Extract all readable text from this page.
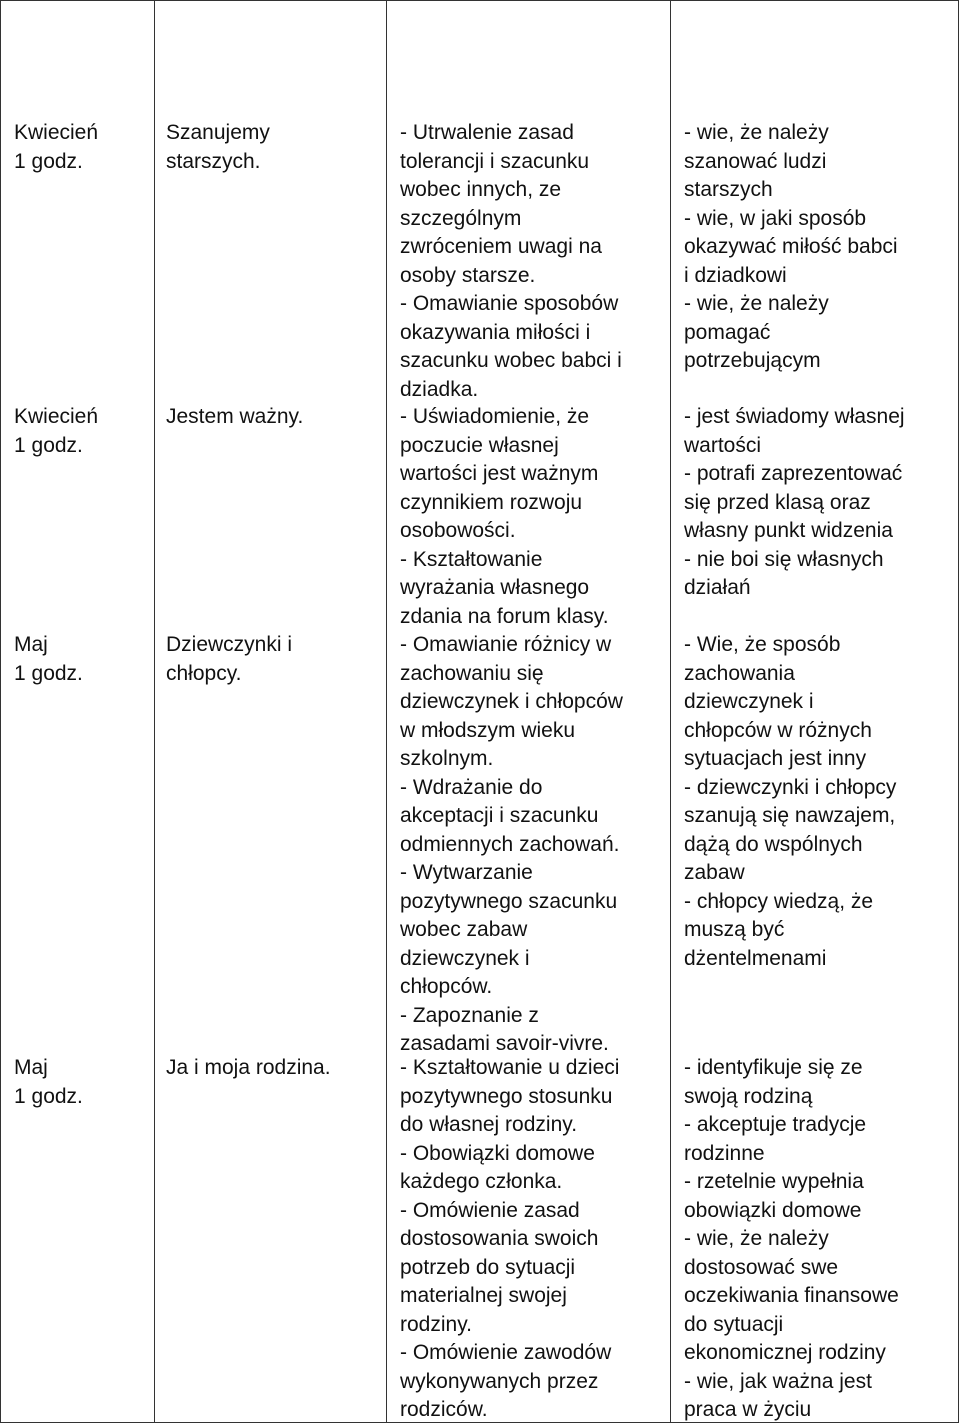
Kwiecień
1 godz.
Szanujemy
starszych.
- Utrwalenie zasad
tolerancji i szacunku
wobec innych, ze
szczególnym
zwróceniem uwagi na
osoby starsze.
- Omawianie sposobów
okazywania miłości i
szacunku wobec babci i
dziadka.
- wie, że należy
szanować ludzi
starszych
- wie, w jaki sposób
okazywać miłość babci
i dziadkowi
- wie, że należy
pomagać
potrzebującym
Kwiecień
1 godz.
Jestem ważny.	- Uświadomienie, że
poczucie własnej
wartości jest ważnym
czynnikiem rozwoju
osobowości.
- Kształtowanie
wyrażania własnego
zdania na forum klasy.
- jest świadomy własnej
wartości
- potrafi zaprezentować
się przed klasą oraz
własny punkt widzenia
- nie boi się własnych
działań
Maj
1 godz.
Dziewczynki i
chłopcy.
- Omawianie różnicy w
zachowaniu się
dziewczynek i chłopców
w młodszym wieku
szkolnym.
- Wdrażanie do
akceptacji i szacunku
odmiennych zachowań.
- Wytwarzanie
pozytywnego szacunku
wobec zabaw
dziewczynek i
chłopców.
- Zapoznanie z
zasadami savoir-vivre.
- Wie, że sposób
zachowania
dziewczynek i
chłopców w różnych
sytuacjach jest inny
- dziewczynki i chłopcy
szanują się nawzajem,
dążą do wspólnych
zabaw
- chłopcy wiedzą, że
muszą być
dżentelmenami
Maj
1 godz.
Ja i moja rodzina.	- Kształtowanie u dzieci
pozytywnego stosunku
do własnej rodziny.
- Obowiązki domowe
każdego członka.
- Omówienie zasad
dostosowania swoich
potrzeb do sytuacji
materialnej swojej
rodziny.
- Omówienie zawodów
wykonywanych przez
rodziców.
- identyfikuje się ze
swoją rodziną
- akceptuje tradycje
rodzinne
- rzetelnie wypełnia
obowiązki domowe
- wie, że należy
dostosować swe
oczekiwania finansowe
do sytuacji
ekonomicznej rodziny
- wie, jak ważna jest
praca w życiu
